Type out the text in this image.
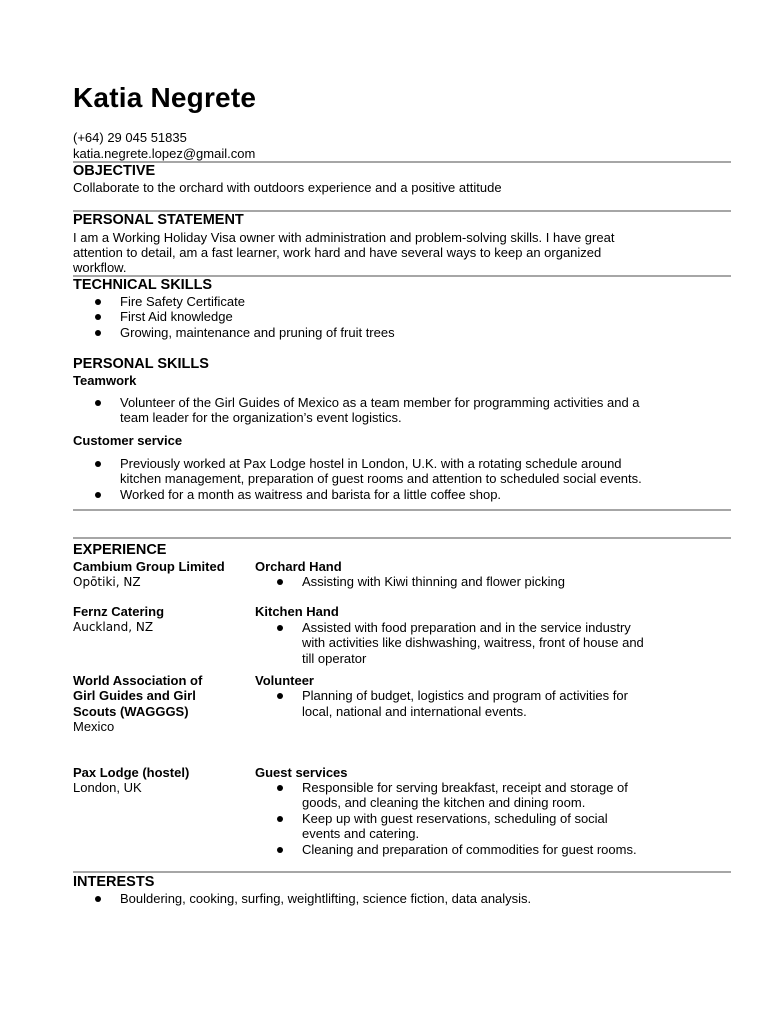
Katia Negrete
(+64) 29 045 51835
katia.negrete.lopez@gmail.com
OBJECTIVE
Collaborate to the orchard with outdoors experience and a positive attitude
PERSONAL STATEMENT
I am a Working Holiday Visa owner with administration and problem-solving skills. I have great
attention to detail, am a fast learner, work hard and have several ways to keep an organized
workflow.
TECHNICAL SKILLS
Fire Safety Certificate
First Aid knowledge
Growing, maintenance and pruning of fruit trees
PERSONAL SKILLS
Teamwork
Volunteer of the Girl Guides of Mexico as a team member for programming activities and a
team leader for the organization’s event logistics.
Customer service
Previously worked at Pax Lodge hostel in London, U.K. with a rotating schedule around
kitchen management, preparation of guest rooms and attention to scheduled social events.
Worked for a month as waitress and barista for a little coffee shop.
EXPERIENCE
Cambium Group Limited
Opōtiki, NZ
Orchard Hand
Assisting with Kiwi thinning and flower picking
Fernz Catering
Auckland, NZ
Kitchen Hand
Assisted with food preparation and in the service industry
with activities like dishwashing, waitress, front of house and
till operator
World Association of
Girl Guides and Girl
Scouts (WAGGGS)
Mexico
Volunteer
Planning of budget, logistics and program of activities for
local, national and international events.
Pax Lodge (hostel)
London, UK
Guest services
Responsible for serving breakfast, receipt and storage of
goods, and cleaning the kitchen and dining room.
Keep up with guest reservations, scheduling of social
events and catering.
Cleaning and preparation of commodities for guest rooms.
INTERESTS
Bouldering, cooking, surfing, weightlifting, science fiction, data analysis.
